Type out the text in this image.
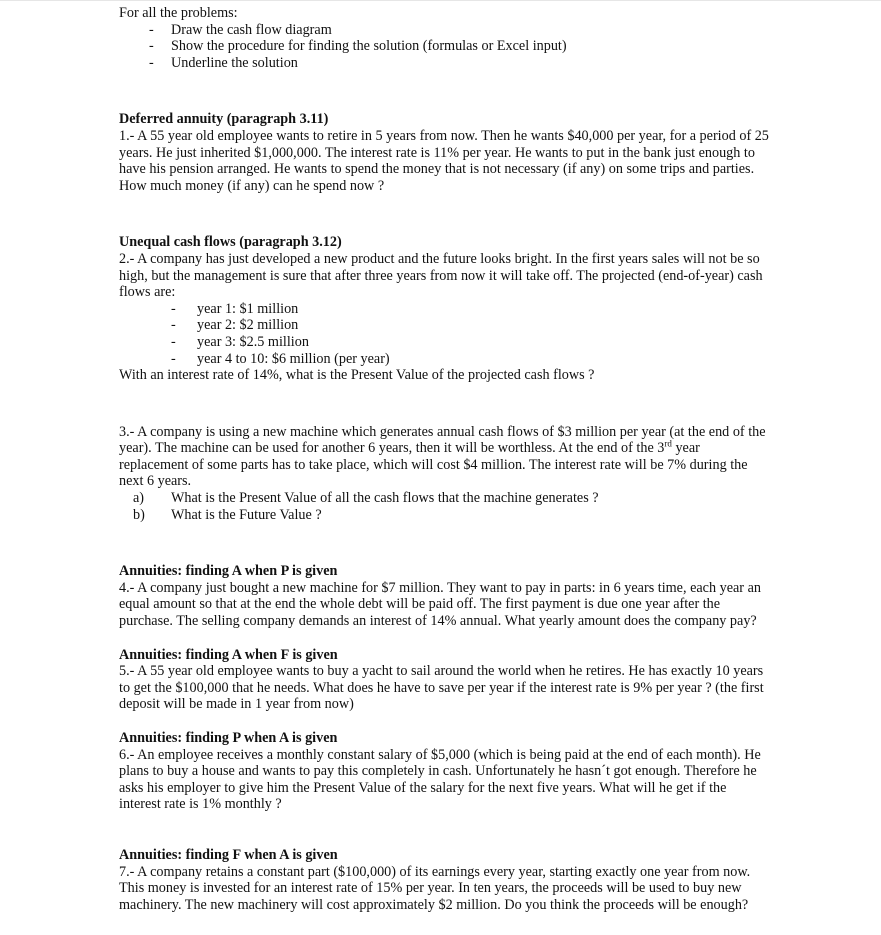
For all the problems:

- Draw the cash flow diagram
- Show the procedure for finding the solution (formulas or Excel input)
- Underline the solution

Deferred annuity (paragraph 3.11)

1.- A 55 year old employee wants to retire in 5 years from now. Then he wants $40,000 per year, for a period of 25 years. He just inherited $1,000,000. The interest rate is 11% per year. He wants to put in the bank just enough to have his pension arranged. He wants to spend the money that is not necessary (if any) on some trips and parties. How much money (if any) can he spend now ?

Unequal cash flows (paragraph 3.12)

2.- A company has just developed a new product and the future looks bright. In the first years sales will not be so high, but the management is sure that after three years from now it will take off. The projected (end-of-year) cash flows are:

- year 1: $1 million
- year 2: $2 million
- year 3: $2.5 million
- year 4 to 10: $6 million (per year)

With an interest rate of 14%, what is the Present Value of the projected cash flows ?

3.- A company is using a new machine which generates annual cash flows of $3 million per year (at the end of the year). The machine can be used for another 6 years, then it will be worthless. At the end of the 3rd year replacement of some parts has to take place, which will cost $4 million. The interest rate will be 7% during the next 6 years.

a)	What is the Present Value of all the cash flows that the machine generates ?
b)	What is the Future Value ?

Annuities: finding A when P is given

4.- A company just bought a new machine for $7 million. They want to pay in parts: in 6 years time, each year an equal amount so that at the end the whole debt will be paid off. The first payment is due one year after the purchase. The selling company demands an interest of 14% annual. What yearly amount does the company pay?

Annuities: finding A when F is given

5.- A 55 year old employee wants to buy a yacht to sail around the world when he retires. He has exactly 10 years to get the $100,000 that he needs. What does he have to save per year if the interest rate is 9% per year ? (the first deposit will be made in 1 year from now)

Annuities: finding P when A is given

6.- An employee receives a monthly constant salary of $5,000 (which is being paid at the end of each month). He plans to buy a house and wants to pay this completely in cash. Unfortunately he hasn´t got enough. Therefore he asks his employer to give him the Present Value of the salary for the next five years. What will he get if the interest rate is 1% monthly ?

Annuities: finding F when A is given

7.- A company retains a constant part ($100,000) of its earnings every year, starting exactly one year from now. This money is invested for an interest rate of 15% per year. In ten years, the proceeds will be used to buy new machinery. The new machinery will cost approximately $2 million. Do you think the proceeds will be enough?
